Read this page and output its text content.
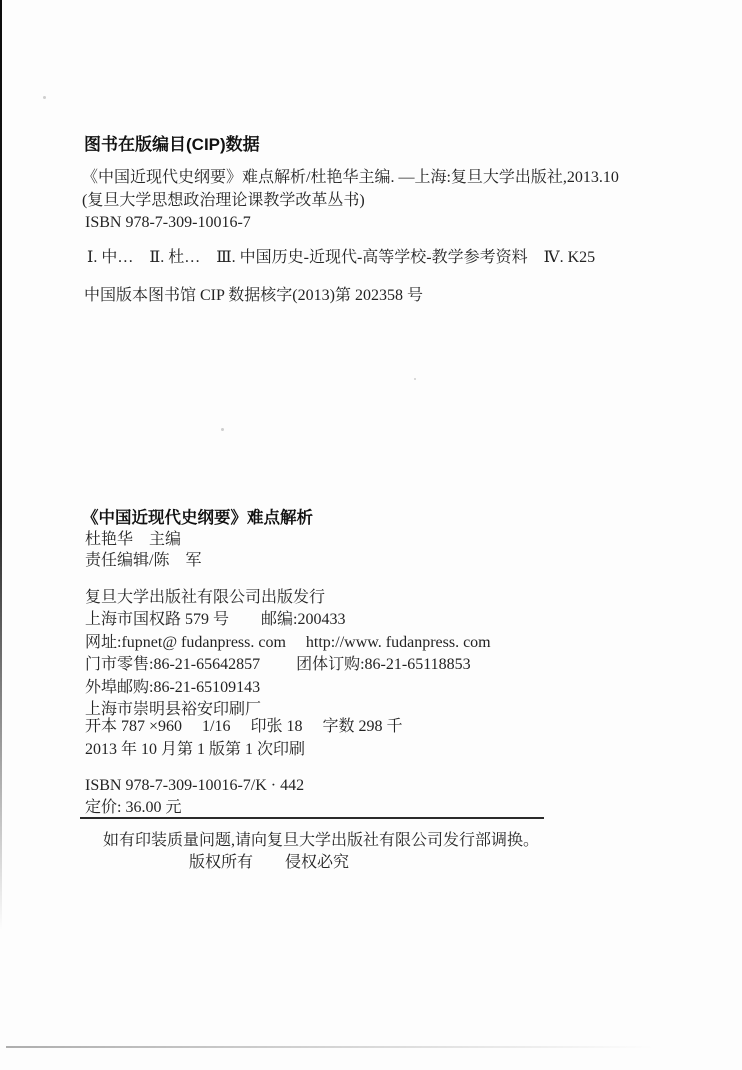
图书在版编目(CIP)数据

《中国近现代史纲要》难点解析/杜艳华主编. —上海:复旦大学出版社,2013.10

(复旦大学思想政治理论课教学改革丛书)

ISBN 978-7-309-10016-7

Ⅰ. 中…　Ⅱ. 杜…　Ⅲ. 中国历史-近现代-高等学校-教学参考资料　Ⅳ. K25

中国版本图书馆 CIP 数据核字(2013)第 202358 号

《中国近现代史纲要》难点解析

杜艳华　主编

责任编辑/陈　军

复旦大学出版社有限公司出版发行

上海市国权路 579 号　　邮编:200433

网址:fupnet@ fudanpress. com　 http://www. fudanpress. com

门市零售:86-21-65642857　　 团体订购:86-21-65118853

外埠邮购:86-21-65109143

上海市崇明县裕安印刷厂

开本 787 ×960　 1/16　 印张 18　 字数 298 千

2013 年 10 月第 1 版第 1 次印刷

ISBN 978-7-309-10016-7/K · 442

定价: 36.00 元

如有印装质量问题,请向复旦大学出版社有限公司发行部调换。

版权所有　　侵权必究
